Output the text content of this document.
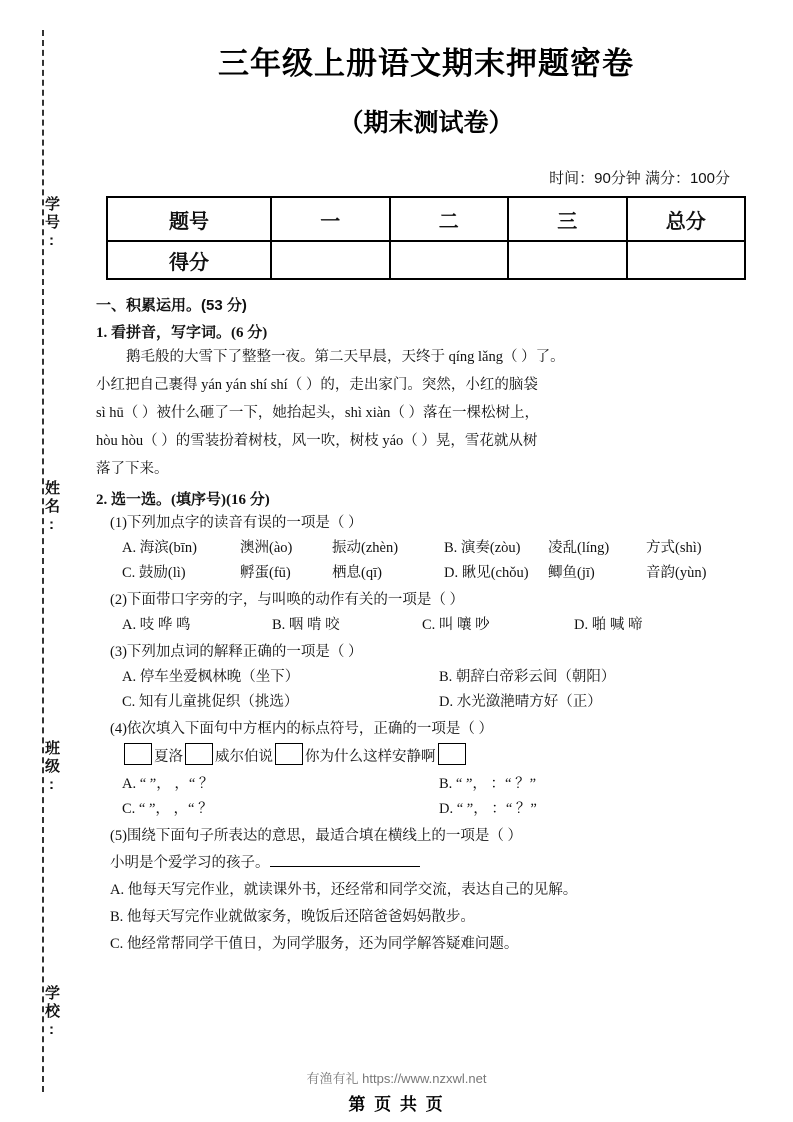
学号:
姓名:
班级:
学校:
三年级上册语文期末押题密卷
（期末测试卷）
时间：90分钟 满分：100分
题号	一	二	三	总分
得分				
一、积累运用。(53 分)
1. 看拼音，写字词。(6 分)
鹅毛般的大雪下了整整一夜。第二天早晨，天终于 qíng lǎng（ ）了。
小红把自己裹得 yán yán shí shí（ ）的，走出家门。突然，小红的脑袋
sì hū（ ）被什么砸了一下，她抬起头，shì xiàn（ ）落在一棵松树上，
hòu hòu（ ）的雪装扮着树枝，风一吹，树枝 yáo（ ）晃，雪花就从树
落了下来。
2. 选一选。(填序号)(16 分)
(1)下列加点字的读音有误的一项是（ ）
A. 海滨(bīn)	澳洲(ào)	振动(zhèn)	B. 演奏(zòu)	凌乱(líng)	方式(shì)
C. 鼓励(lì)	孵蛋(fū)	栖息(qī)	D. 瞅见(chǒu)	鲫鱼(jī)	音韵(yùn)
(2)下面带口字旁的字，与叫唤的动作有关的一项是（ ）
A. 吱 哗 鸣	B. 咽 啃 咬	C. 叫 嚷 吵	D. 啪 喊 啼
(3)下列加点词的解释正确的一项是（ ）
A. 停车坐爱枫林晚（坐下）	B. 朝辞白帝彩云间（朝阳）
C. 知有儿童挑促织（挑选）	D. 水光潋滟晴方好（正）
(4)依次填入下面句中方框内的标点符号，正确的一项是（ ）
夏洛 威尔伯说 你为什么这样安静啊
A. “ ”， ，“ ？	B. “ ”， ：“ ？”
C. “ ”， ，“ ？	D. “ ”， ：“ ？”
(5)围绕下面句子所表达的意思，最适合填在横线上的一项是（ ）
小明是个爱学习的孩子。
A. 他每天写完作业，就读课外书，还经常和同学交流，表达自己的见解。
B. 他每天写完作业就做家务，晚饭后还陪爸爸妈妈散步。
C. 他经常帮同学干值日，为同学服务，还为同学解答疑难问题。
有渔有礼 https://www.nzxwl.net
第 页 共 页
